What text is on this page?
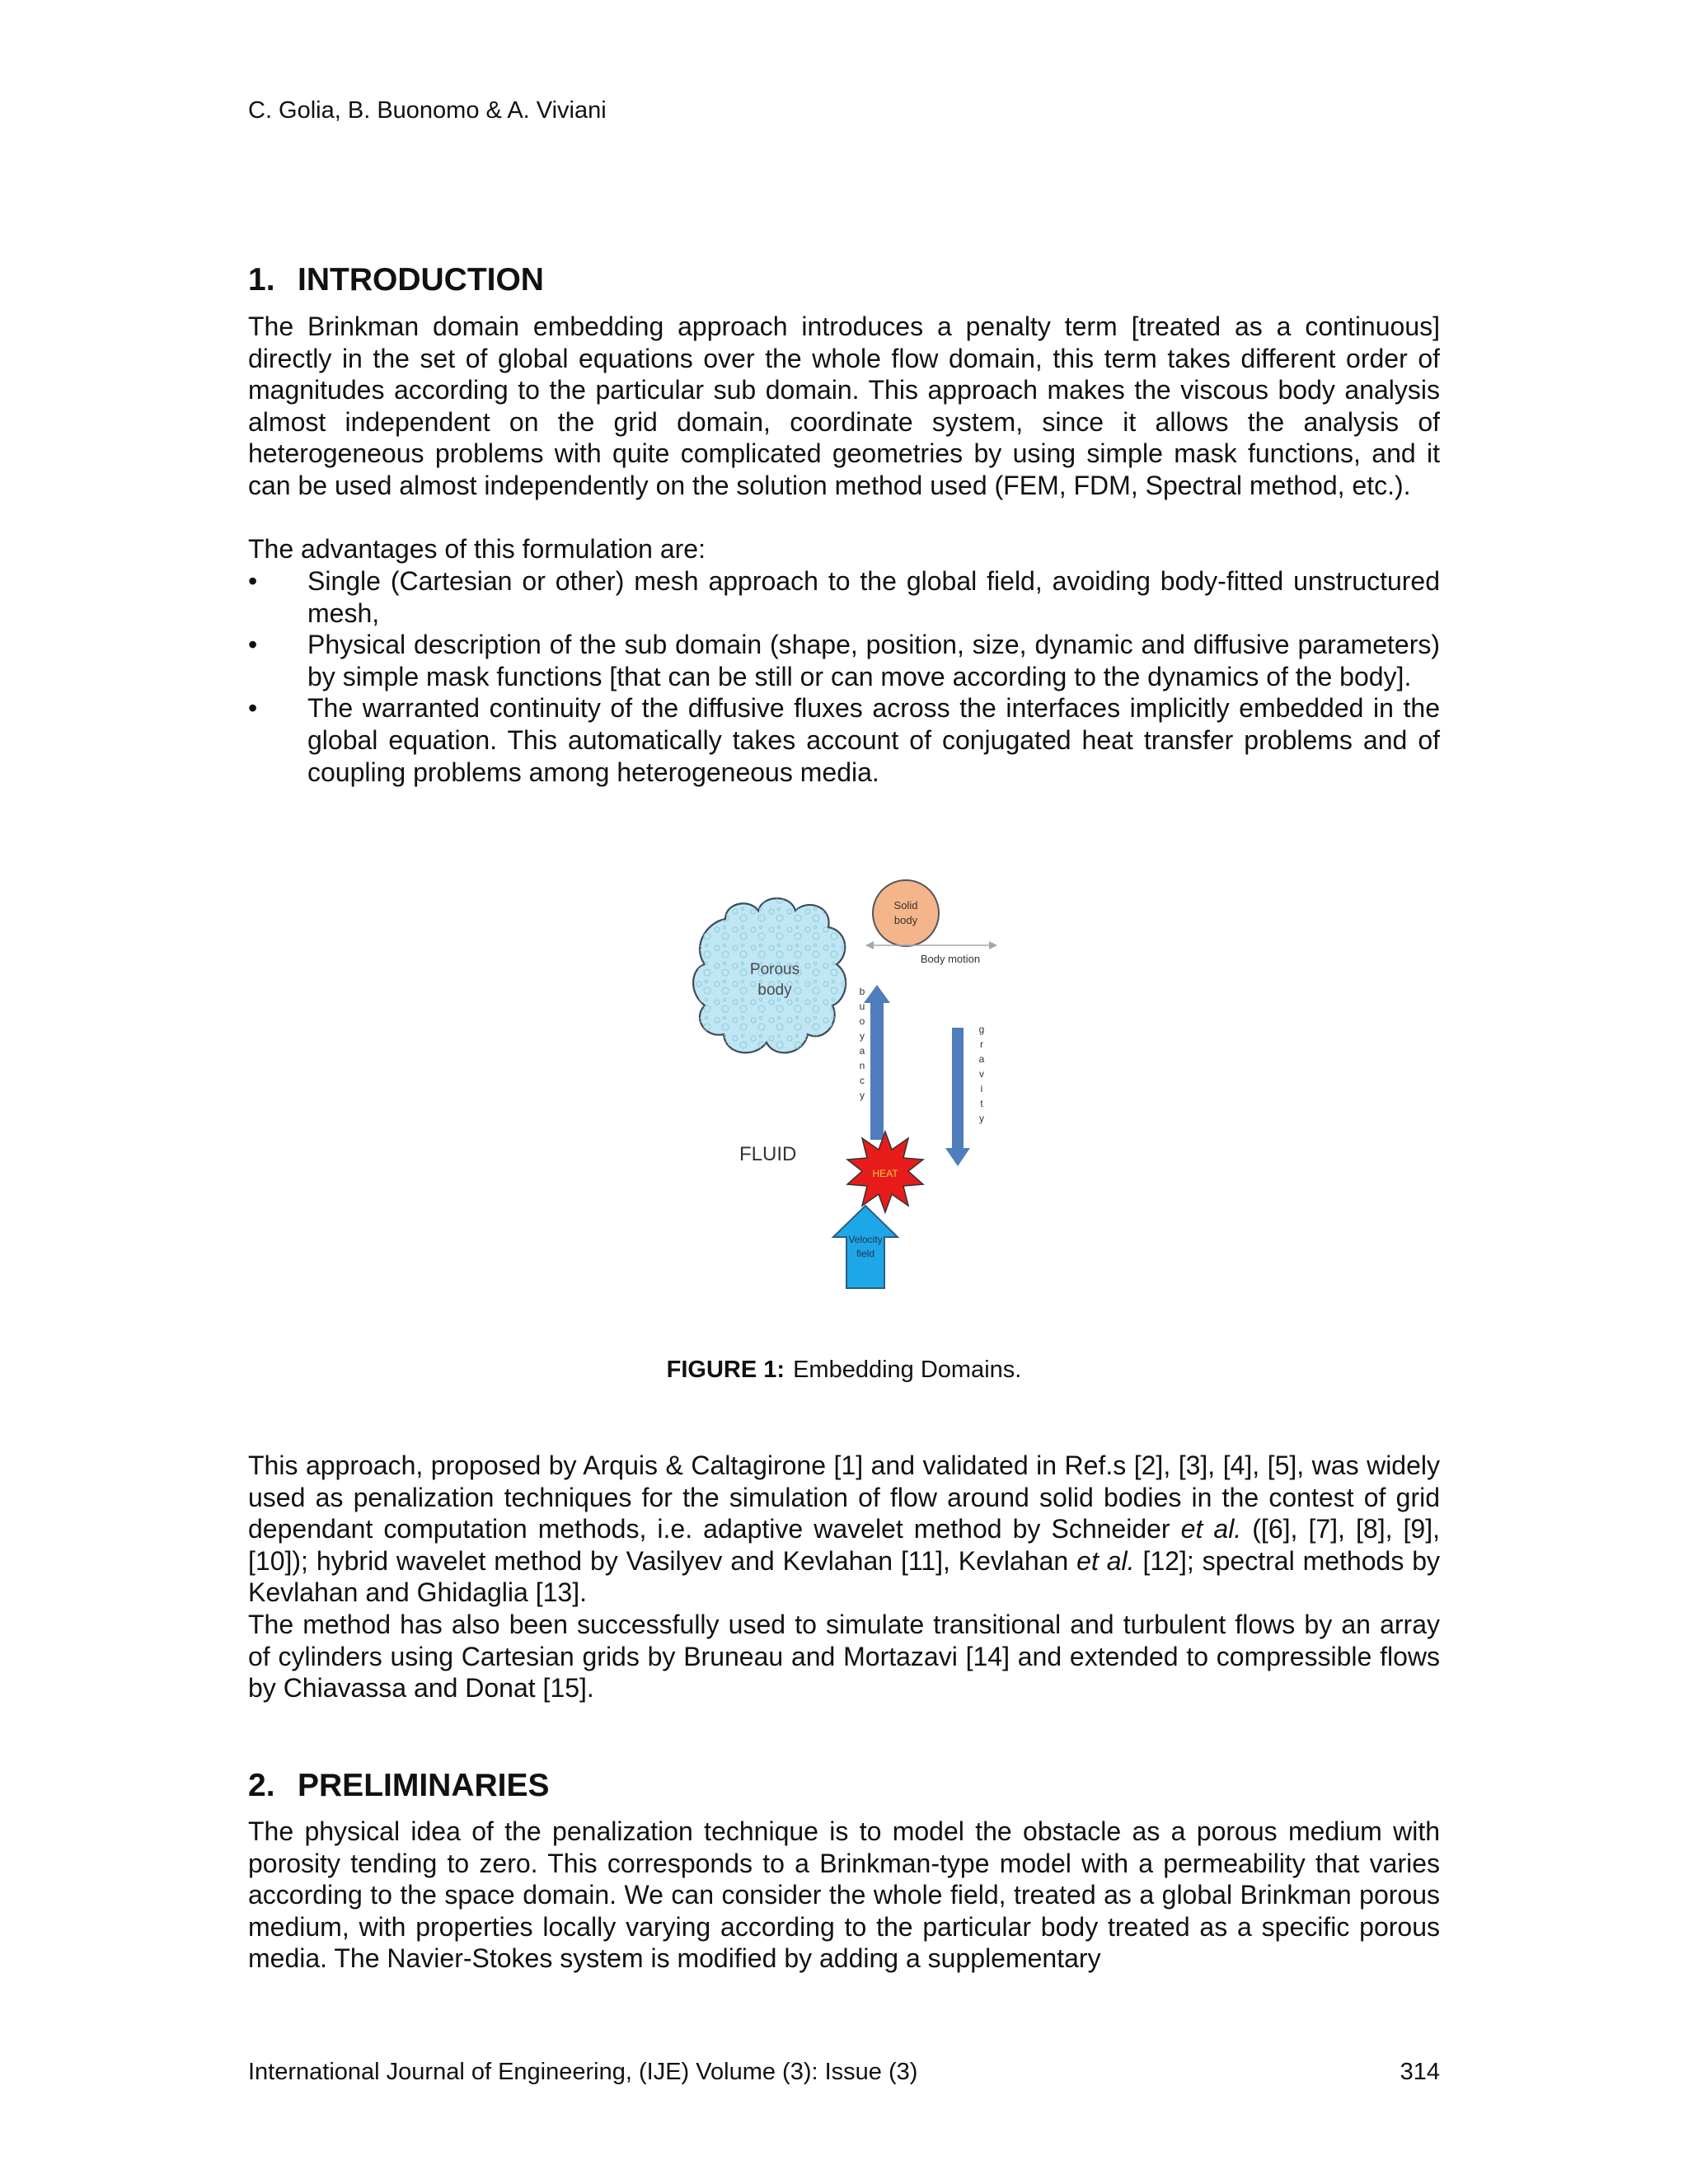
C. Golia, B. Buonomo & A. Viviani
1. INTRODUCTION

The Brinkman domain embedding approach introduces a penalty term [treated as a continuous] directly in the set of global equations over the whole flow domain, this term takes different order of magnitudes according to the particular sub domain. This approach makes the viscous body analysis almost independent on the grid domain, coordinate system, since it allows the analysis of heterogeneous problems with quite complicated geometries by using simple mask functions, and it can be used almost independently on the solution method used (FEM, FDM, Spectral method, etc.).

The advantages of this formulation are:

• Single (Cartesian or other) mesh approach to the global field, avoiding body-fitted unstructured mesh,
• Physical description of the sub domain (shape, position, size, dynamic and diffusive parameters) by simple mask functions [that can be still or can move according to the dynamics of the body].
• The warranted continuity of the diffusive fluxes across the interfaces implicitly embedded in the global equation. This automatically takes account of conjugated heat transfer problems and of coupling problems among heterogeneous media.
Porous
body
Solid
body
Body motion
b
u
o
y
a
n
c
y
g
r
a
v
i
t
y
HEAT
FLUID
Velocity
field
FIGURE 1: Embedding Domains.

This approach, proposed by Arquis & Caltagirone [1] and validated in Ref.s [2], [3], [4], [5], was widely used as penalization techniques for the simulation of flow around solid bodies in the contest of grid dependant computation methods, i.e. adaptive wavelet method by Schneider et al. ([6], [7], [8], [9], [10]); hybrid wavelet method by Vasilyev and Kevlahan [11], Kevlahan et al. [12]; spectral methods by Kevlahan and Ghidaglia [13].

The method has also been successfully used to simulate transitional and turbulent flows by an array of cylinders using Cartesian grids by Bruneau and Mortazavi [14] and extended to compressible flows by Chiavassa and Donat [15].

2. PRELIMINARIES

The physical idea of the penalization technique is to model the obstacle as a porous medium with porosity tending to zero. This corresponds to a Brinkman-type model with a permeability that varies according to the space domain. We can consider the whole field, treated as a global Brinkman porous medium, with properties locally varying according to the particular body treated as a specific porous media. The Navier-Stokes system is modified by adding a supplementary

International Journal of Engineering, (IJE) Volume (3): Issue (3)	314
